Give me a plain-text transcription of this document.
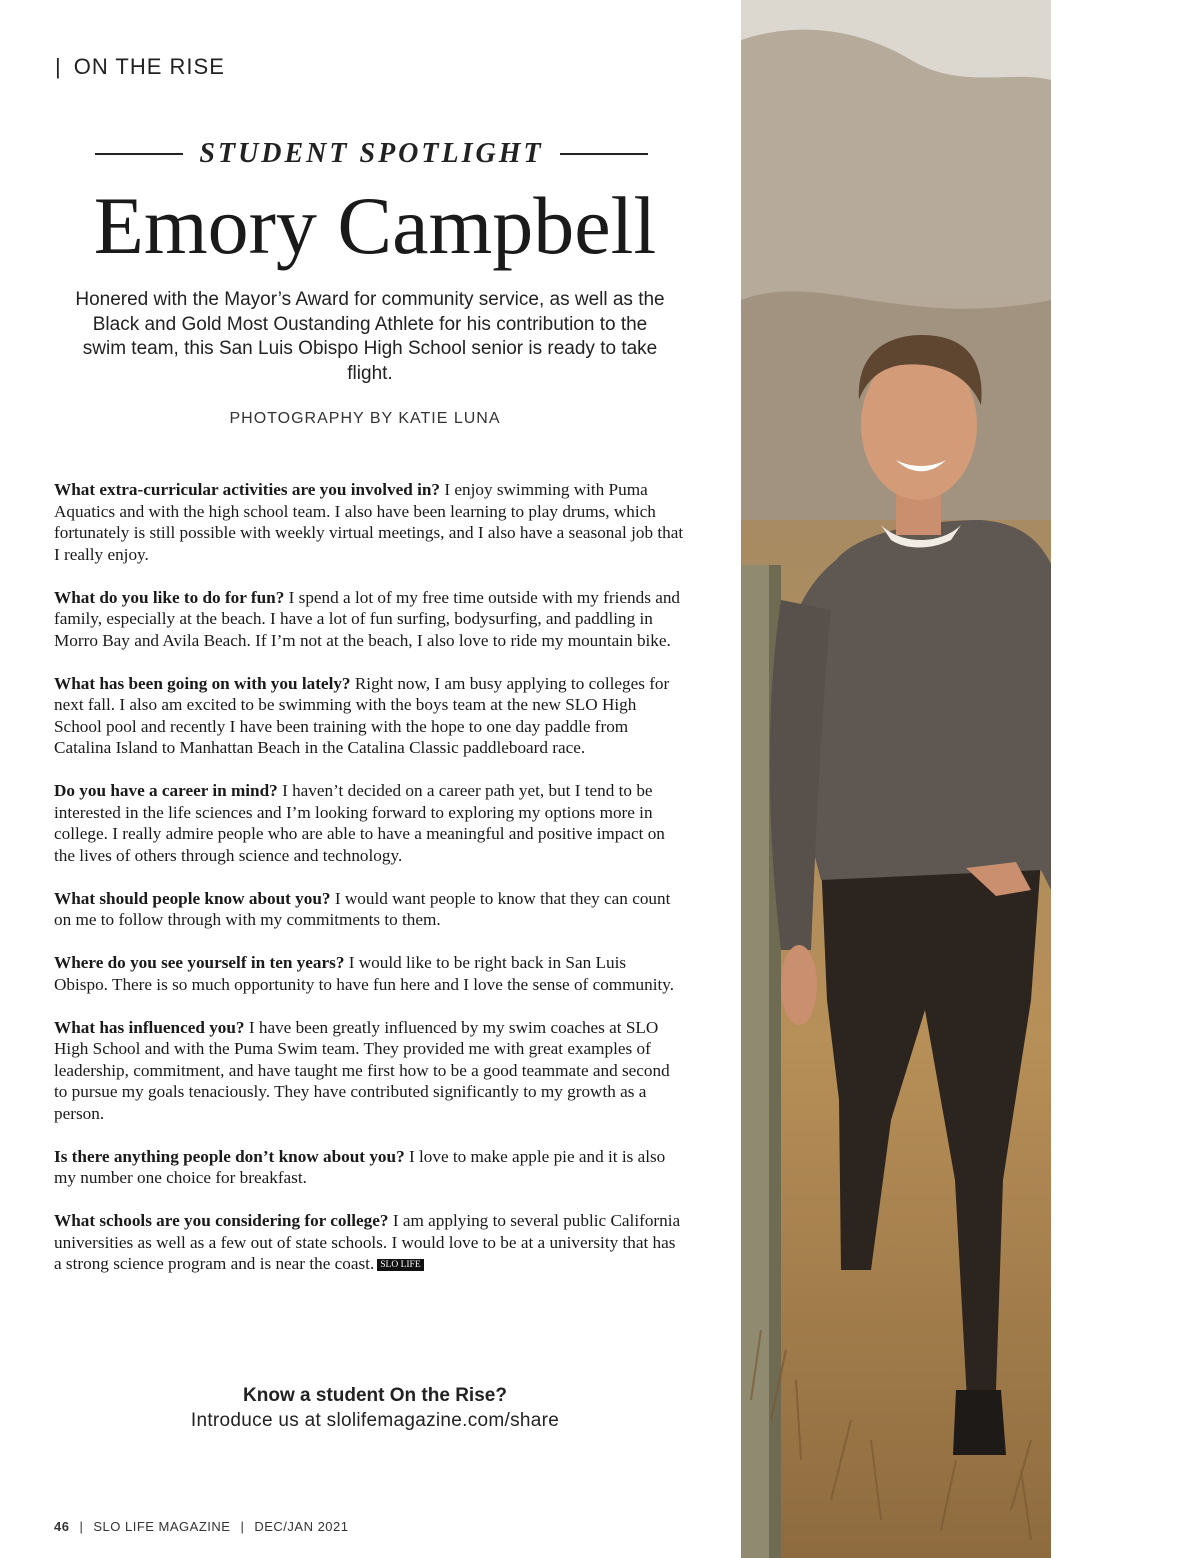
| ON THE RISE
STUDENT SPOTLIGHT
Emory Campbell
Honered with the Mayor’s Award for community service, as well as the Black and Gold Most Oustanding Athlete for his contribution to the swim team, this San Luis Obispo High School senior is ready to take flight.
PHOTOGRAPHY BY KATIE LUNA

What extra-curricular activities are you involved in? I enjoy swimming with Puma Aquatics and with the high school team. I also have been learning to play drums, which fortunately is still possible with weekly virtual meetings, and I also have a seasonal job that I really enjoy.

What do you like to do for fun? I spend a lot of my free time outside with my friends and family, especially at the beach. I have a lot of fun surfing, bodysurfing, and paddling in Morro Bay and Avila Beach. If I’m not at the beach, I also love to ride my mountain bike.

What has been going on with you lately? Right now, I am busy applying to colleges for next fall. I also am excited to be swimming with the boys team at the new SLO High School pool and recently I have been training with the hope to one day paddle from Catalina Island to Manhattan Beach in the Catalina Classic paddleboard race.

Do you have a career in mind? I haven’t decided on a career path yet, but I tend to be interested in the life sciences and I’m looking forward to exploring my options more in college. I really admire people who are able to have a meaningful and positive impact on the lives of others through science and technology.

What should people know about you? I would want people to know that they can count on me to follow through with my commitments to them.

Where do you see yourself in ten years? I would like to be right back in San Luis Obispo. There is so much opportunity to have fun here and I love the sense of community.

What has influenced you? I have been greatly influenced by my swim coaches at SLO High School and with the Puma Swim team. They provided me with great examples of leadership, commitment, and have taught me first how to be a good teammate and second to pursue my goals tenaciously. They have contributed significantly to my growth as a person.

Is there anything people don’t know about you? I love to make apple pie and it is also my number one choice for breakfast.

What schools are you considering for college? I am applying to several public California universities as well as a few out of state schools. I would love to be at a university that has a strong science program and is near the coast. SLO LIFE

Know a student On the Rise?
Introduce us at slolifemagazine.com/share
46 | SLO LIFE MAGAZINE | DEC/JAN 2021
